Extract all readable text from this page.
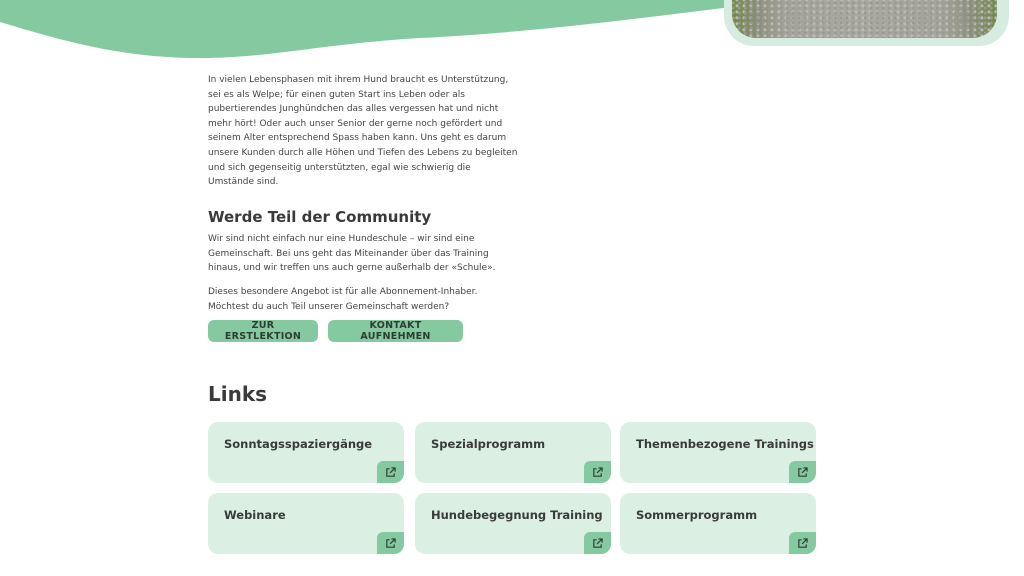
In vielen Lebensphasen mit ihrem Hund braucht es Unterstützung, sei es als Welpe; für einen guten Start ins Leben oder als pubertierendes Junghündchen das alles vergessen hat und nicht mehr hört! Oder auch unser Senior der gerne noch gefördert und seinem Alter entsprechend Spass haben kann. Uns geht es darum unsere Kunden durch alle Höhen und Tiefen des Lebens zu begleiten und sich gegenseitig unterstützten, egal wie schwierig die Umstände sind.

Werde Teil der Community

Wir sind nicht einfach nur eine Hundeschule – wir sind eine Gemeinschaft. Bei uns geht das Miteinander über das Training hinaus, und wir treffen uns auch gerne außerhalb der «Schule».

Dieses besondere Angebot ist für alle Abonnement-Inhaber. Möchtest du auch Teil unserer Gemeinschaft werden?

ZUR ERSTLEKTION
KONTAKT AUFNEHMEN
Links
Sonntagsspaziergänge	Spezialprogramm	Themenbezogene Trainings
Webinare	Hundebegegnung Training	Sommerprogramm
